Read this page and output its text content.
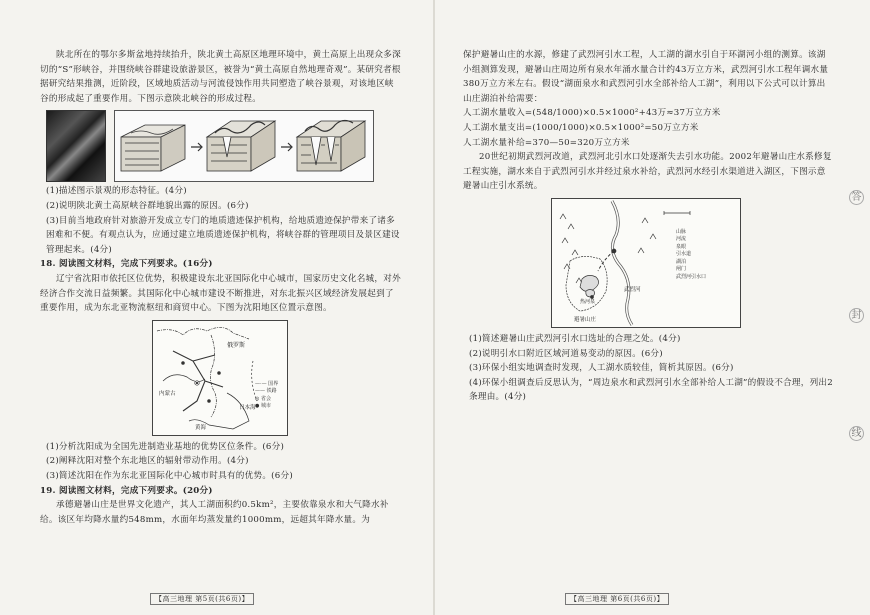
陕北所在的鄂尔多斯盆地持续抬升，陕北黄土高原区地理环境中，黄土高原上出现众多深切的“S”形峡谷，并围绕峡谷群建设旅游景区，被誉为“黄土高原自然地理奇观”。某研究者根据研究结果推测，近阶段，区域地质活动与河流侵蚀作用共同塑造了峡谷景观，对该地区峡谷的形成起了重要作用。下图示意陕北峡谷的形成过程。

(1)描述图示景观的形态特征。(4分)
(2)说明陕北黄土高原峡谷群地貌出露的原因。(6分)

(3)目前当地政府针对旅游开发成立专门的地质遗迹保护机构，给地质遗迹保护带来了诸多困难和不便。有观点认为，应通过建立地质遗迹保护机构，将峡谷群的管理项目及景区建设管理起来。(4分)

18. 阅读图文材料，完成下列要求。(16分)

辽宁省沈阳市依托区位优势，积极建设东北亚国际化中心城市，国家历史文化名城，对外经济合作交流日益频繁。其国际化中心城市建设不断推进，对东北振兴区域经济发展起到了重要作用，成为东北亚物流枢纽和商贸中心。下图为沈阳地区位置示意图。

俄罗斯
内蒙古
日本海
黄海
—·— 国界
—— 铁路
◎ 省会
● 城市
(1)分析沈阳成为全国先进制造业基地的优势区位条件。(6分)
(2)阐释沈阳对整个东北地区的辐射带动作用。(4分)
(3)简述沈阳在作为东北亚国际化中心城市时具有的优势。(6分)
19. 阅读图文材料，完成下列要求。(20分)

承德避暑山庄是世界文化遗产，其人工湖面积约0.5km²，主要依靠泉水和大气降水补给。该区年均降水量约548mm，水面年均蒸发量约1000mm，远超其年降水量。为

【高三地理 第5页(共6页)】

保护避暑山庄的水源，修建了武烈河引水工程，人工湖的湖水引自于环湖河小组的测算。该湖小组测算发现，避暑山庄周边所有泉水年涌水量合计约43万立方米，武烈河引水工程年调水量380万立方米左右。假设“湖面泉水和武烈河引水全部补给人工湖”，利用以下公式可以计算出山庄湖泊补给需要：

人工湖水量收入=(548/1000)×0.5×1000²+43万≈37万立方米
人工湖水量支出=(1000/1000)×0.5×1000²=50万立方米
人工湖水量补给=370—50=320万立方米

20世纪初期武烈河改道，武烈河北引水口处逐渐失去引水功能。2002年避暑山庄水系修复工程实施，湖水来自于武烈河引水并经过泉水补给，武烈河水经引水渠道进入湖区，下图示意避暑山庄引水系统。

避暑山庄
武烈河
热河泉
山脉
河流
泉眼
引水道
湖泊
闸门
武烈河引水口
(1)简述避暑山庄武烈河引水口选址的合理之处。(4分)
(2)说明引水口附近区域河道易变动的原因。(6分)
(3)环保小组实地调查时发现，人工湖水质较佳，简析其原因。(6分)

(4)环保小组调查后反思认为，“周边泉水和武烈河引水全部补给人工湖”的假设不合理，列出2条理由。(4分)

【高三地理 第6页(共6页)】
答
封
线
